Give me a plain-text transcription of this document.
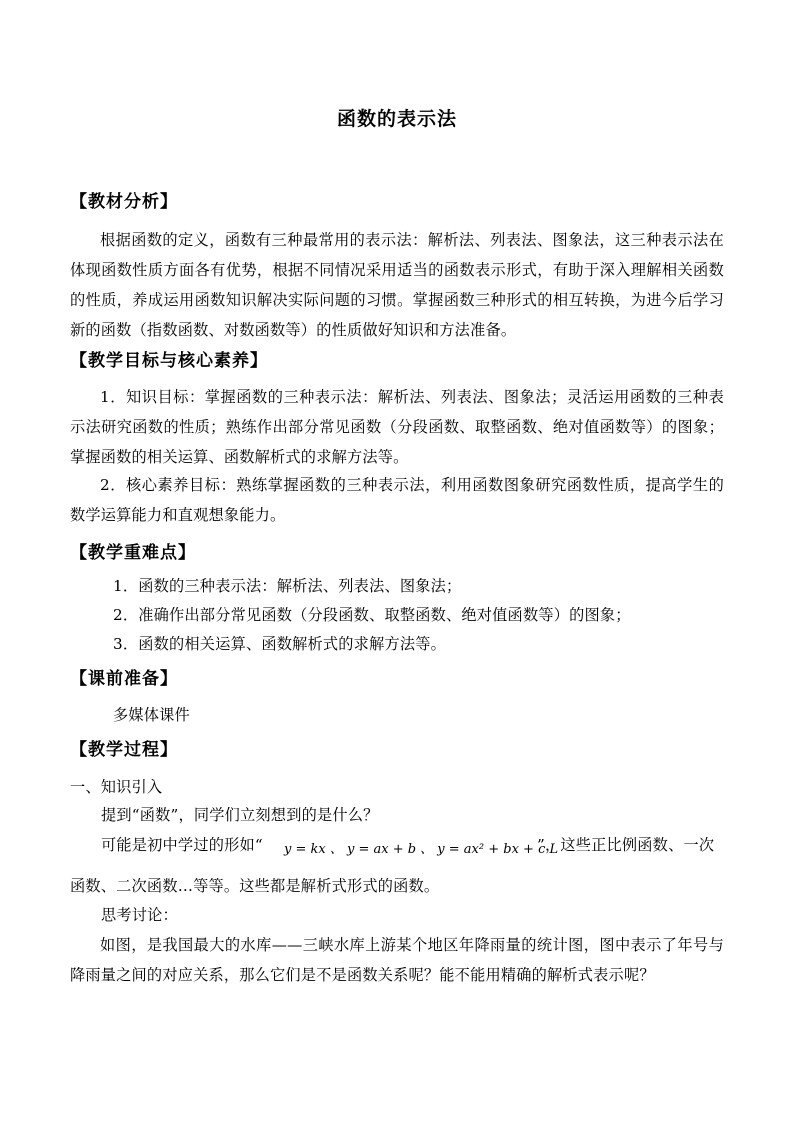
函数的表示法
【教材分析】
根据函数的定义，函数有三种最常用的表示法：解析法、列表法、图象法，这三种表示法在体现函数性质方面各有优势，根据不同情况采用适当的函数表示形式，有助于深入理解相关函数的性质，养成运用函数知识解决实际问题的习惯。掌握函数三种形式的相互转换，为进今后学习新的函数（指数函数、对数函数等）的性质做好知识和方法准备。
【教学目标与核心素养】
1．知识目标：掌握函数的三种表示法：解析法、列表法、图象法；灵活运用函数的三种表示法研究函数的性质；熟练作出部分常见函数（分段函数、取整函数、绝对值函数等）的图象；掌握函数的相关运算、函数解析式的求解方法等。
2．核心素养目标：熟练掌握函数的三种表示法，利用函数图象研究函数性质，提高学生的数学运算能力和直观想象能力。
【教学重难点】
1．函数的三种表示法：解析法、列表法、图象法；
2．准确作出部分常见函数（分段函数、取整函数、绝对值函数等）的图象；
3．函数的相关运算、函数解析式的求解方法等。
【课前准备】
多媒体课件
【教学过程】
一、知识引入
提到“函数”，同学们立刻想到的是什么？
可能是初中学过的形如“ y = kx 、 y = ax + b 、 y = ax² + bx + c L
”，这些正比例函数、一次
函数、二次函数…等等。这些都是解析式形式的函数。
思考讨论：
如图，是我国最大的水库——三峡水库上游某个地区年降雨量的统计图，图中表示了年号与降雨量之间的对应关系，那么它们是不是函数关系呢？能不能用精确的解析式表示呢？
